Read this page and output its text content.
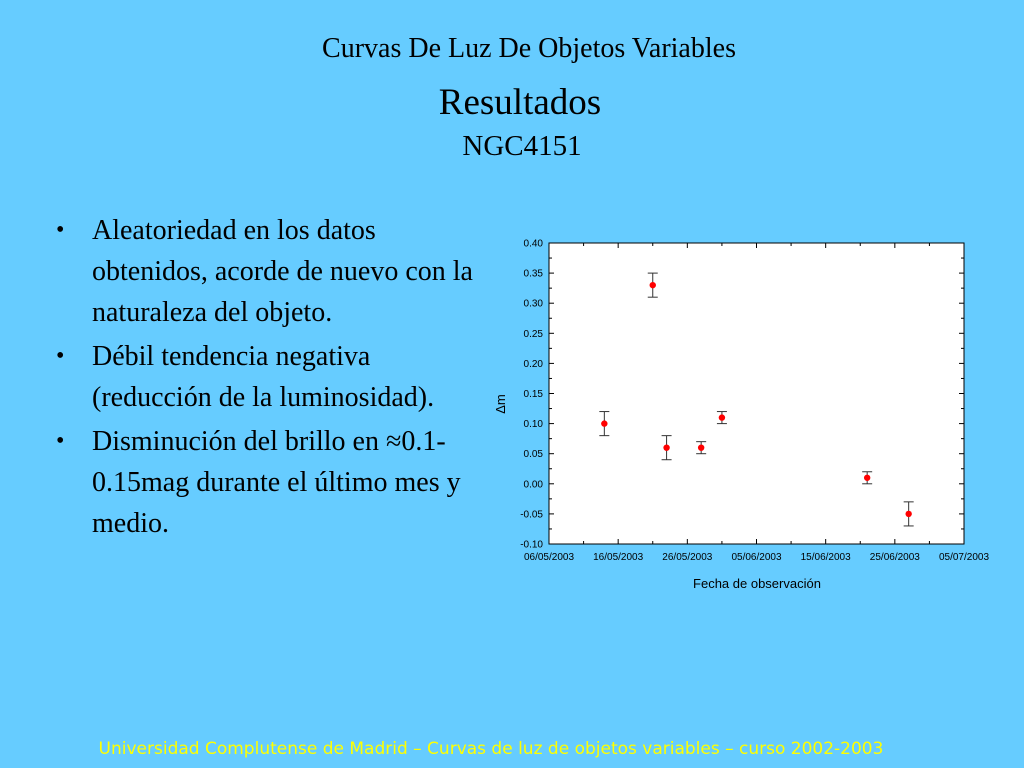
Curvas De Luz De Objetos Variables
Resultados
NGC4151
• Aleatoriedad en los datos obtenidos, acorde de nuevo con la naturaleza del objeto.
• Débil tendencia negativa (reducción de la luminosidad).
• Disminución del brillo en ≈0.1-0.15mag durante el último mes y medio.
0.40
0.35
0.30
0.25
0.20
0.15
0.10
0.05
0.00
-0.05
-0.10
06/05/2003 16/05/2003 26/05/2003 05/06/2003 15/06/2003 25/06/2003 05/07/2003
Fecha de observación
Δm
Universidad Complutense de Madrid – Curvas de luz de objetos variables – curso 2002-2003
